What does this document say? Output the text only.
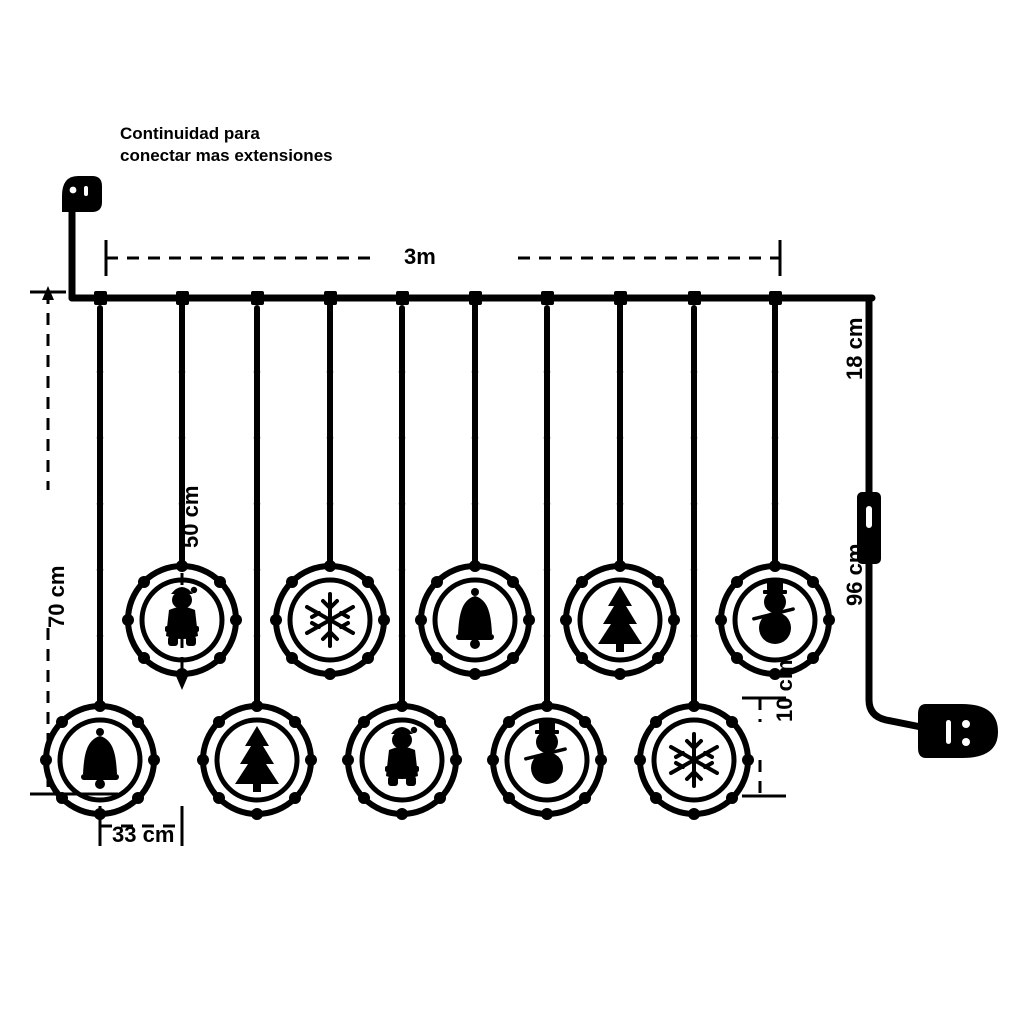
Continuidad para
conectar mas extensiones
3m
70 cm
50 cm
33 cm
10 cm
18 cm
96 cm
